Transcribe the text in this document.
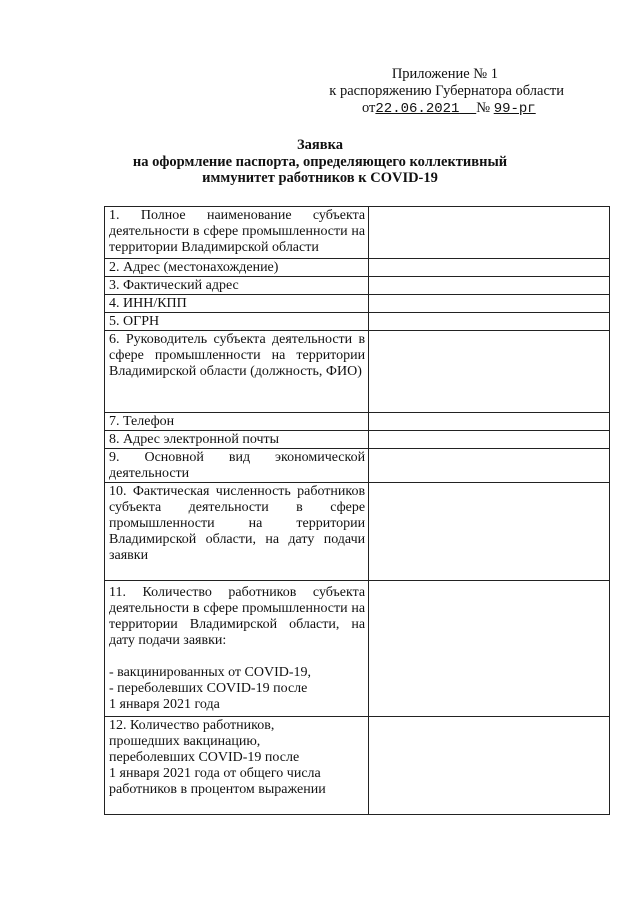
Приложение № 1
к распоряжению Губернатора области
от22.06.2021 № 99-рг
Заявка
на оформление паспорта, определяющего коллективный
иммунитет работников к COVID-19
1. Полное наименование субъекта деятельности в сфере промышленности на территории Владимирской области	
2. Адрес (местонахождение)	
3. Фактический адрес	
4. ИНН/КПП	
5. ОГРН	
6. Руководитель субъекта деятельности в сфере промышленности на территории Владимирской области (должность, ФИО)	
7. Телефон	
8. Адрес электронной почты	
9. Основной вид экономической деятельности	
10. Фактическая численность работников субъекта деятельности в сфере промышленности на территории Владимирской области, на дату подачи заявки	

11. Количество работников субъекта деятельности в сфере промышленности на территории Владимирской области, на дату подачи заявки:
- вакцинированных от COVID-19,
- переболевших COVID-19 после
1 января 2021 года	

12. Количество работников,
прошедших вакцинацию,
переболевших COVID-19 после
1 января 2021 года от общего числа
работников в процентом выражении	
